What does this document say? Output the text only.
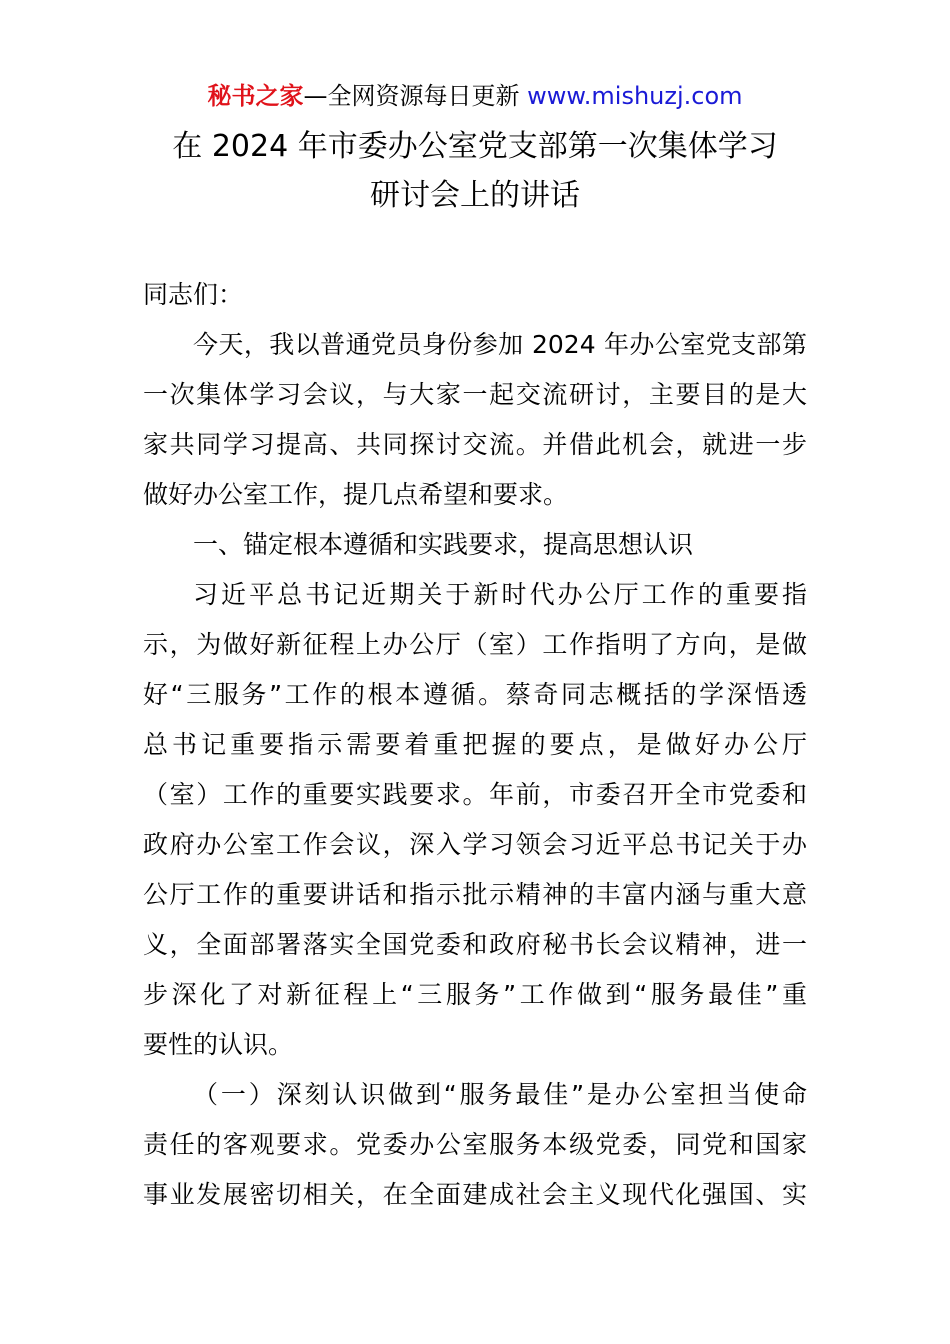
秘书之家—全网资源每日更新 www.mishuzj.com
在 2024 年市委办公室党支部第一次集体学习
研讨会上的讲话
同志们：
今天，我以普通党员身份参加 2024 年办公室党支部第
一次集体学习会议，与大家一起交流研讨，主要目的是大
家共同学习提高、共同探讨交流。并借此机会，就进一步
做好办公室工作，提几点希望和要求。
一、锚定根本遵循和实践要求，提高思想认识
习近平总书记近期关于新时代办公厅工作的重要指
示，为做好新征程上办公厅（室）工作指明了方向，是做
好“三服务”工作的根本遵循。蔡奇同志概括的学深悟透
总书记重要指示需要着重把握的要点，是做好办公厅
（室）工作的重要实践要求。年前，市委召开全市党委和
政府办公室工作会议，深入学习领会习近平总书记关于办
公厅工作的重要讲话和指示批示精神的丰富内涵与重大意
义，全面部署落实全国党委和政府秘书长会议精神，进一
步深化了对新征程上“三服务”工作做到“服务最佳”重
要性的认识。
（一）深刻认识做到“服务最佳”是办公室担当使命
责任的客观要求。党委办公室服务本级党委，同党和国家
事业发展密切相关，在全面建成社会主义现代化强国、实
